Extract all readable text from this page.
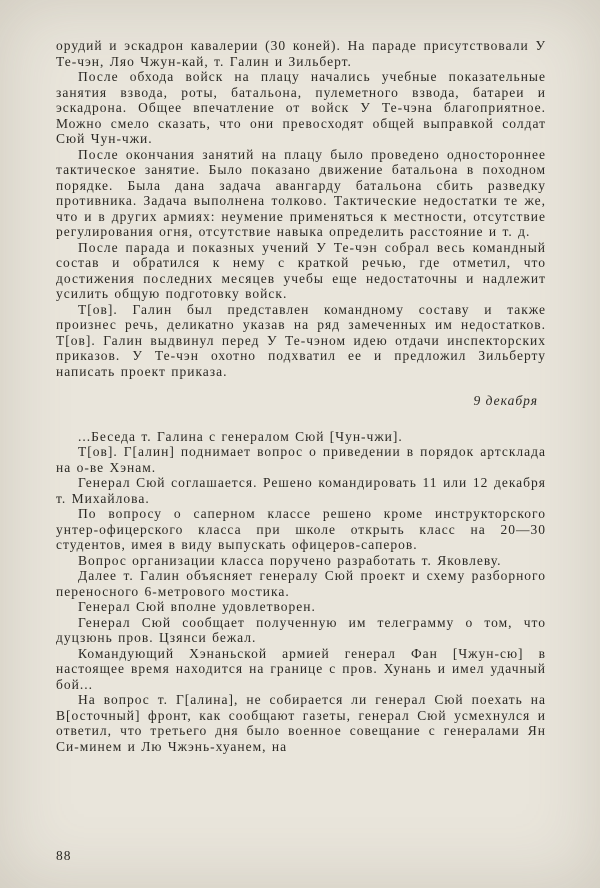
орудий и эскадрон кавалерии (30 коней). На параде присутствовали У Те-чэн, Ляо Чжун-кай, т. Галин и Зильберт.

После обхода войск на плацу начались учебные показательные занятия взвода, роты, батальона, пулеметного взвода, батареи и эскадрона. Общее впечатление от войск У Те-чэна благоприятное. Можно смело сказать, что они превосходят общей выправкой солдат Сюй Чун-чжи.

После окончания занятий на плацу было проведено одностороннее тактическое занятие. Было показано движение батальона в походном порядке. Была дана задача авангарду батальона сбить разведку противника. Задача выполнена толково. Тактические недостатки те же, что и в других армиях: неумение применяться к местности, отсутствие регулирования огня, отсутствие навыка определить расстояние и т. д.

После парада и показных учений У Те-чэн собрал весь командный состав и обратился к нему с краткой речью, где отметил, что достижения последних месяцев учебы еще недостаточны и надлежит усилить общую подготовку войск.

Т[ов]. Галин был представлен командному составу и также произнес речь, деликатно указав на ряд замеченных им недостатков. Т[ов]. Галин выдвинул перед У Те-чэном идею отдачи инспекторских приказов. У Те-чэн охотно подхватил ее и предложил Зильберту написать проект приказа.

9 декабря

...Беседа т. Галина с генералом Сюй [Чун-чжи].

Т[ов]. Г[алин] поднимает вопрос о приведении в порядок артсклада на о-ве Хэнам.

Генерал Сюй соглашается. Решено командировать 11 или 12 декабря т. Михайлова.

По вопросу о саперном классе решено кроме инструкторского унтер-офицерского класса при школе открыть класс на 20—30 студентов, имея в виду выпускать офицеров-саперов.

Вопрос организации класса поручено разработать т. Яковлеву.

Далее т. Галин объясняет генералу Сюй проект и схему разборного переносного 6-метрового мостика.

Генерал Сюй вполне удовлетворен.

Генерал Сюй сообщает полученную им телеграмму о том, что дуцзюнь пров. Цзянси бежал.

Командующий Хэнаньской армией генерал Фан [Чжун-сю] в настоящее время находится на границе с пров. Хунань и имел удачный бой...

На вопрос т. Г[алина], не собирается ли генерал Сюй поехать на В[осточный] фронт, как сообщают газеты, генерал Сюй усмехнулся и ответил, что третьего дня было военное совещание с генералами Ян Си-минем и Лю Чжэнь-хуанем, на

88
